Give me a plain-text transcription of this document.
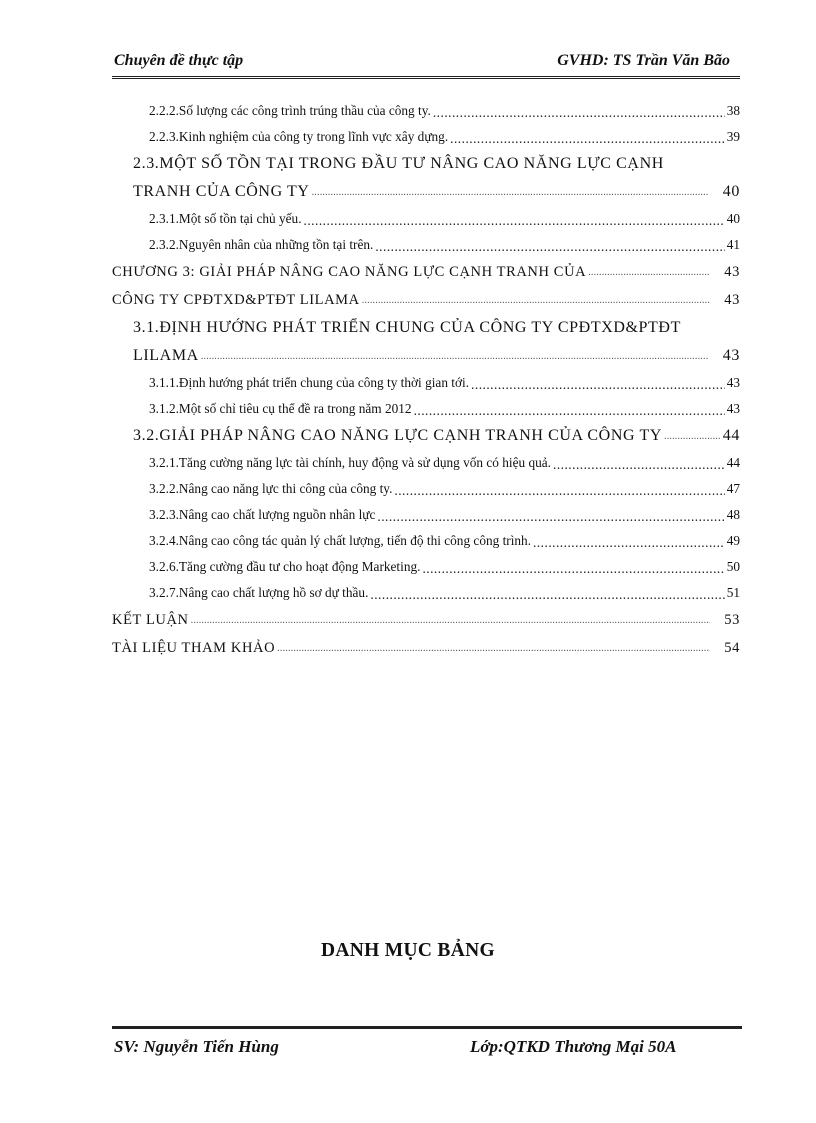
Chuyên đề thực tập	GVHD: TS Trần Văn Bão
2.2.2.Số lượng các công trình trúng thầu của công ty. .....	38
2.2.3.Kinh nghiệm của công ty trong lĩnh vực xây dựng. .....	39
2.3.MỘT SỐ TỒN TẠI TRONG ĐẦU TƯ NÂNG CAO NĂNG LỰC CẠNH
TRANH CỦA CÔNG TY .....	40
2.3.1.Một số tồn tại chủ yếu. .....	40
2.3.2.Nguyên nhân của những tồn tại trên. .....	41
CHƯƠNG 3: GIẢI PHÁP NÂNG CAO NĂNG LỰC CẠNH TRANH CỦA .....	43
CÔNG TY CPĐTXD&PTĐT LILAMA .....	43
3.1.ĐỊNH HƯỚNG PHÁT TRIỂN CHUNG CỦA CÔNG TY CPĐTXD&PTĐT
LILAMA .....	43
3.1.1.Định hướng phát triển chung của công ty thời gian tới. .....	43
3.1.2.Một số chỉ tiêu cụ thể đề ra trong năm 2012 .....	43
3.2.GIẢI PHÁP NÂNG CAO NĂNG LỰC CẠNH TRANH CỦA CÔNG TY .....	44
3.2.1.Tăng cường năng lực tài chính, huy động và sử dụng vốn có hiệu quả. .....	44
3.2.2.Nâng cao năng lực thi công của công ty. .....	47
3.2.3.Nâng cao chất lượng nguồn nhân lực .....	48
3.2.4.Nâng cao công tác quản lý chất lượng, tiến độ thi công công trình. .....	49
3.2.6.Tăng cường đầu tư cho hoạt động Marketing. .....	50
3.2.7.Nâng cao chất lượng hồ sơ dự thầu. .....	51
KẾT LUẬN .....	53
TÀI LIỆU THAM KHẢO .....	54
DANH MỤC BẢNG
SV: Nguyễn Tiến Hùng	Lớp:QTKD Thương Mại 50A
